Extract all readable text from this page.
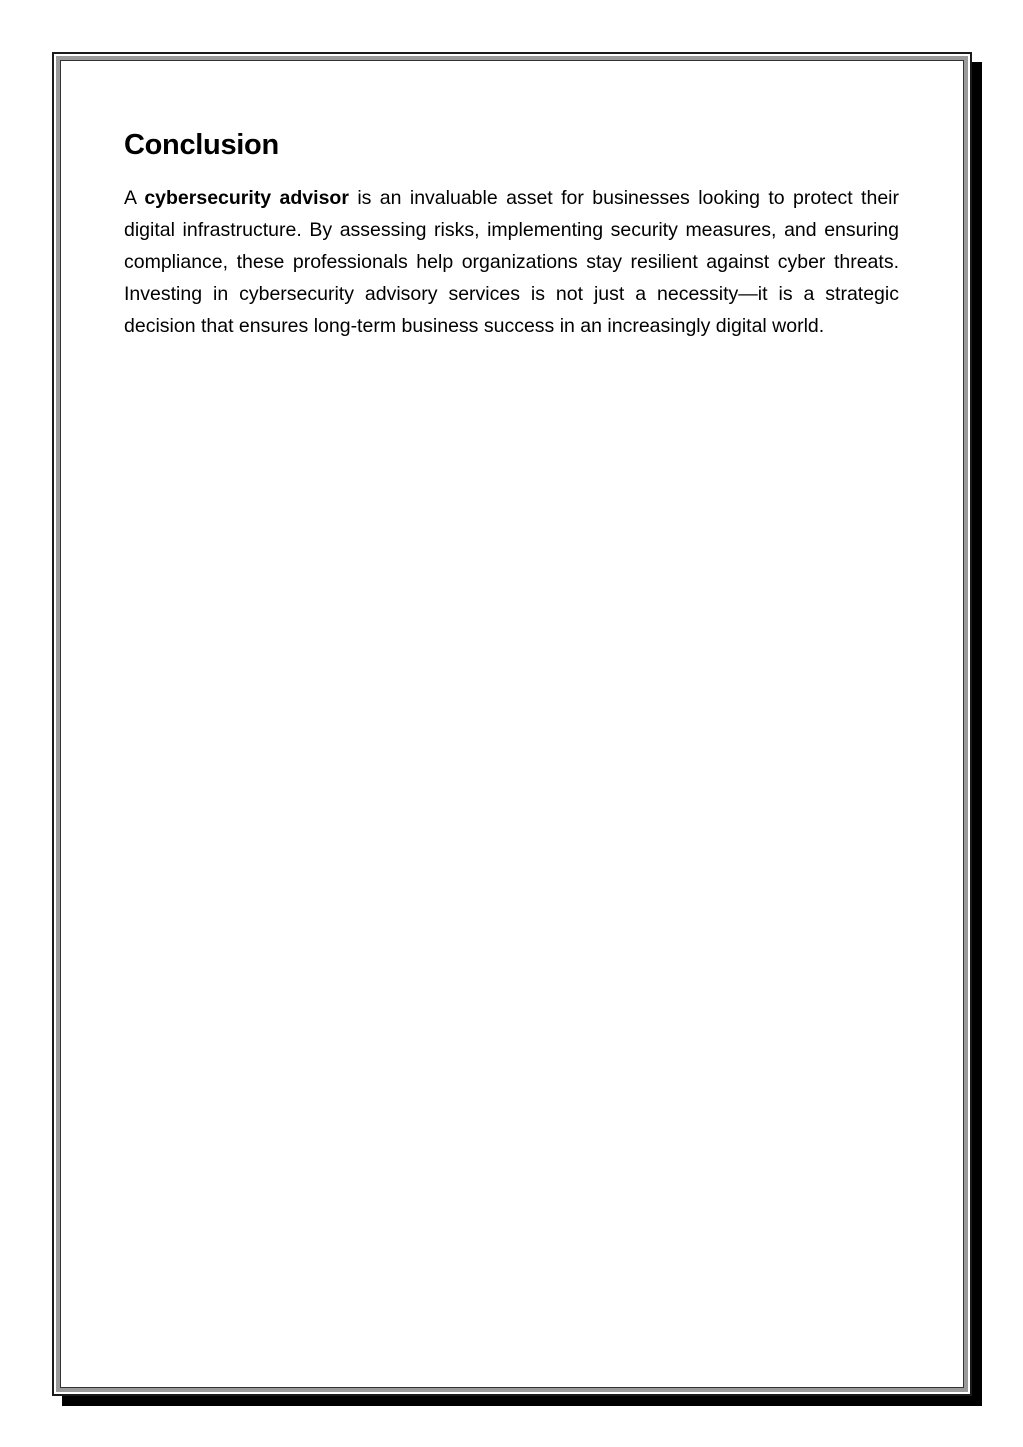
Conclusion

A cybersecurity advisor is an invaluable asset for businesses looking to protect their digital infrastructure. By assessing risks, implementing security measures, and ensuring compliance, these professionals help organizations stay resilient against cyber threats. Investing in cybersecurity advisory services is not just a necessity—it is a strategic decision that ensures long-term business success in an increasingly digital world.
